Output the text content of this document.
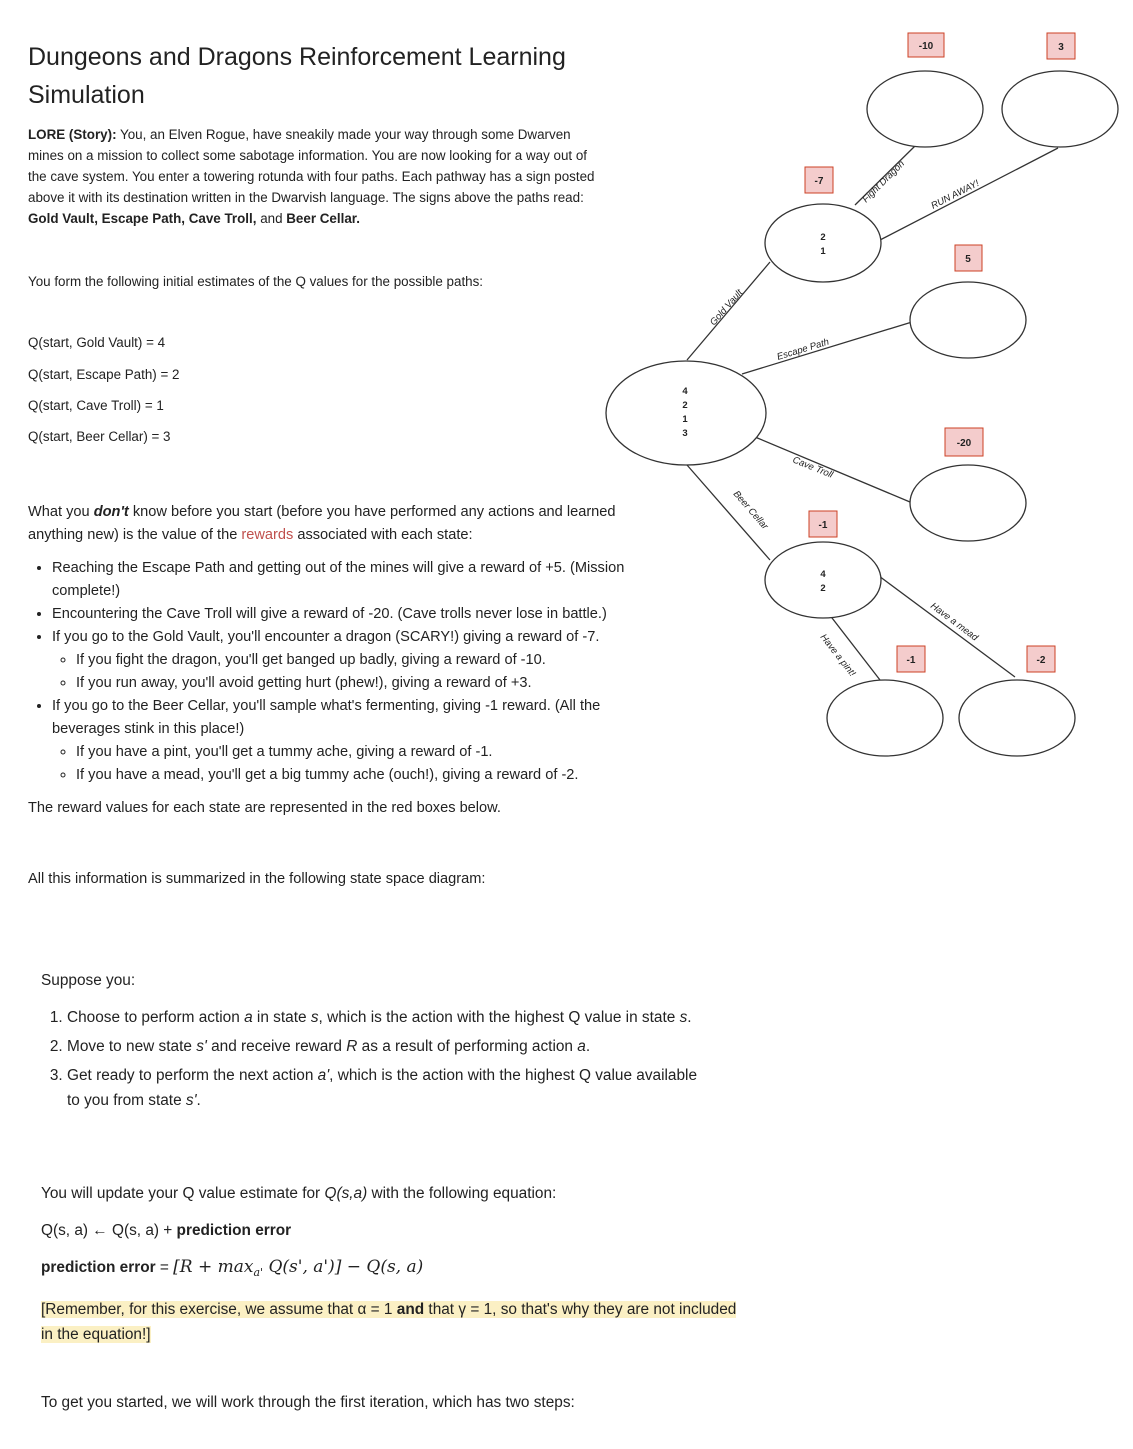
Dungeons and Dragons Reinforcement Learning
Simulation
LORE (Story): You, an Elven Rogue, have sneakily made your way through some Dwarven mines on a mission to collect some sabotage information. You are now looking for a way out of the cave system. You enter a towering rotunda with four paths. Each pathway has a sign posted above it with its destination written in the Dwarvish language. The signs above the paths read: Gold Vault, Escape Path, Cave Troll, and Beer Cellar.
You form the following initial estimates of the Q values for the possible paths:
Q(start, Gold Vault) = 4
Q(start, Escape Path) = 2
Q(start, Cave Troll) = 1
Q(start, Beer Cellar) = 3
What you don't know before you start (before you have performed any actions and learned anything new) is the value of the rewards associated with each state:
• Reaching the Escape Path and getting out of the mines will give a reward of +5. (Mission complete!)
• Encountering the Cave Troll will give a reward of -20. (Cave trolls never lose in battle.)
• If you go to the Gold Vault, you'll encounter a dragon (SCARY!) giving a reward of -7.
◦ If you fight the dragon, you'll get banged up badly, giving a reward of -10.
◦ If you run away, you'll avoid getting hurt (phew!), giving a reward of +3.
• If you go to the Beer Cellar, you'll sample what's fermenting, giving -1 reward. (All the beverages stink in this place!)
◦ If you have a pint, you'll get a tummy ache, giving a reward of -1.
◦ If you have a mead, you'll get a big tummy ache (ouch!), giving a reward of -2.
The reward values for each state are represented in the red boxes below.
All this information is summarized in the following state space diagram:
Suppose you:
1. Choose to perform action a in state s, which is the action with the highest Q value in state s.
2. Move to new state s' and receive reward R as a result of performing action a.
3. Get ready to perform the next action a', which is the action with the highest Q value available to you from state s'.
You will update your Q value estimate for Q(s,a) with the following equation:
Q(s, a) ← Q(s, a) + prediction error
prediction error = [$R + \max_{a'} Q(s'$, a')] − Q(s, a)
[Remember, for this exercise, we assume that α = 1 and that γ = 1, so that's why they are not included in the equation!]
To get you started, we will work through the first iteration, which has two steps:
4
2
1
3
2
1
4
2
Gold Vault
Escape Path
Cave Troll
Beer Cellar
Fight Dragon RUN AWAY!
Have a pint!
Have a mead
-10	3
-7
5
-20
-1
-1	-2
